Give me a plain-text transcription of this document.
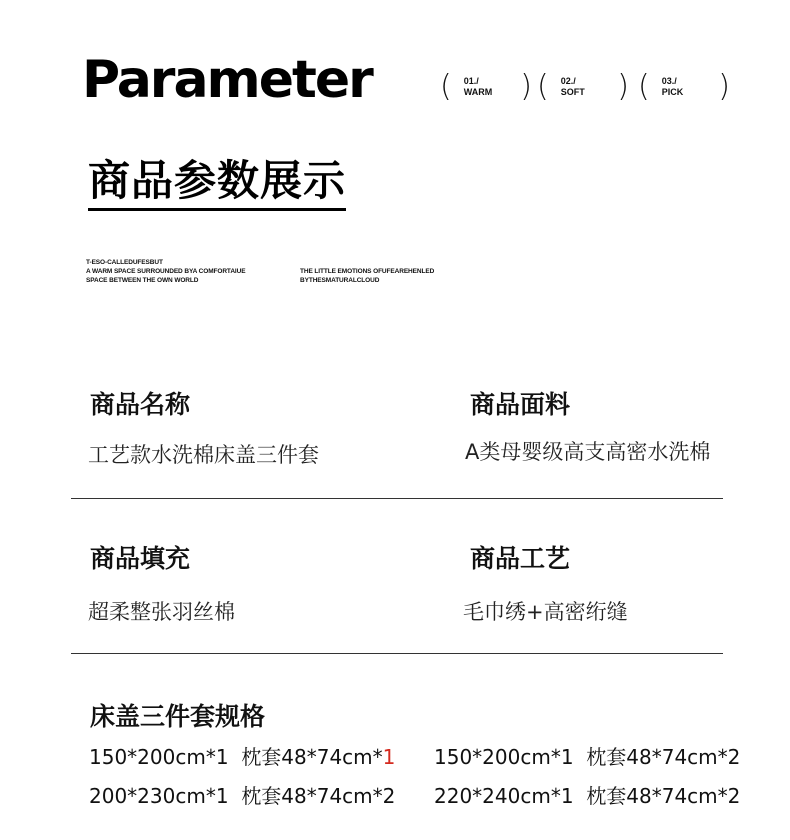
Parameter ( 01./
WARM ) ( 02./
SOFT ) ( 03./
PICK )
商品参数展示
T-ESO-CALLEDUFESBUT
A WARM SPACE SURROUNDED BYA COMFORTAIUE
SPACE BETWEEN THE OWN WORLD
THE LITTLE EMOTIONS OFUFEAREHENLED
BYTHESMATURALCLOUD
商品名称
工艺款水洗棉床盖三件套
商品面料
A类母婴级高支高密水洗棉
商品填充
超柔整张羽丝棉
商品工艺
毛巾绣+高密绗缝
床盖三件套规格
150*200cm*1 枕套48*74cm*1 150*200cm*1 枕套48*74cm*2
200*230cm*1 枕套48*74cm*2 220*240cm*1 枕套48*74cm*2
